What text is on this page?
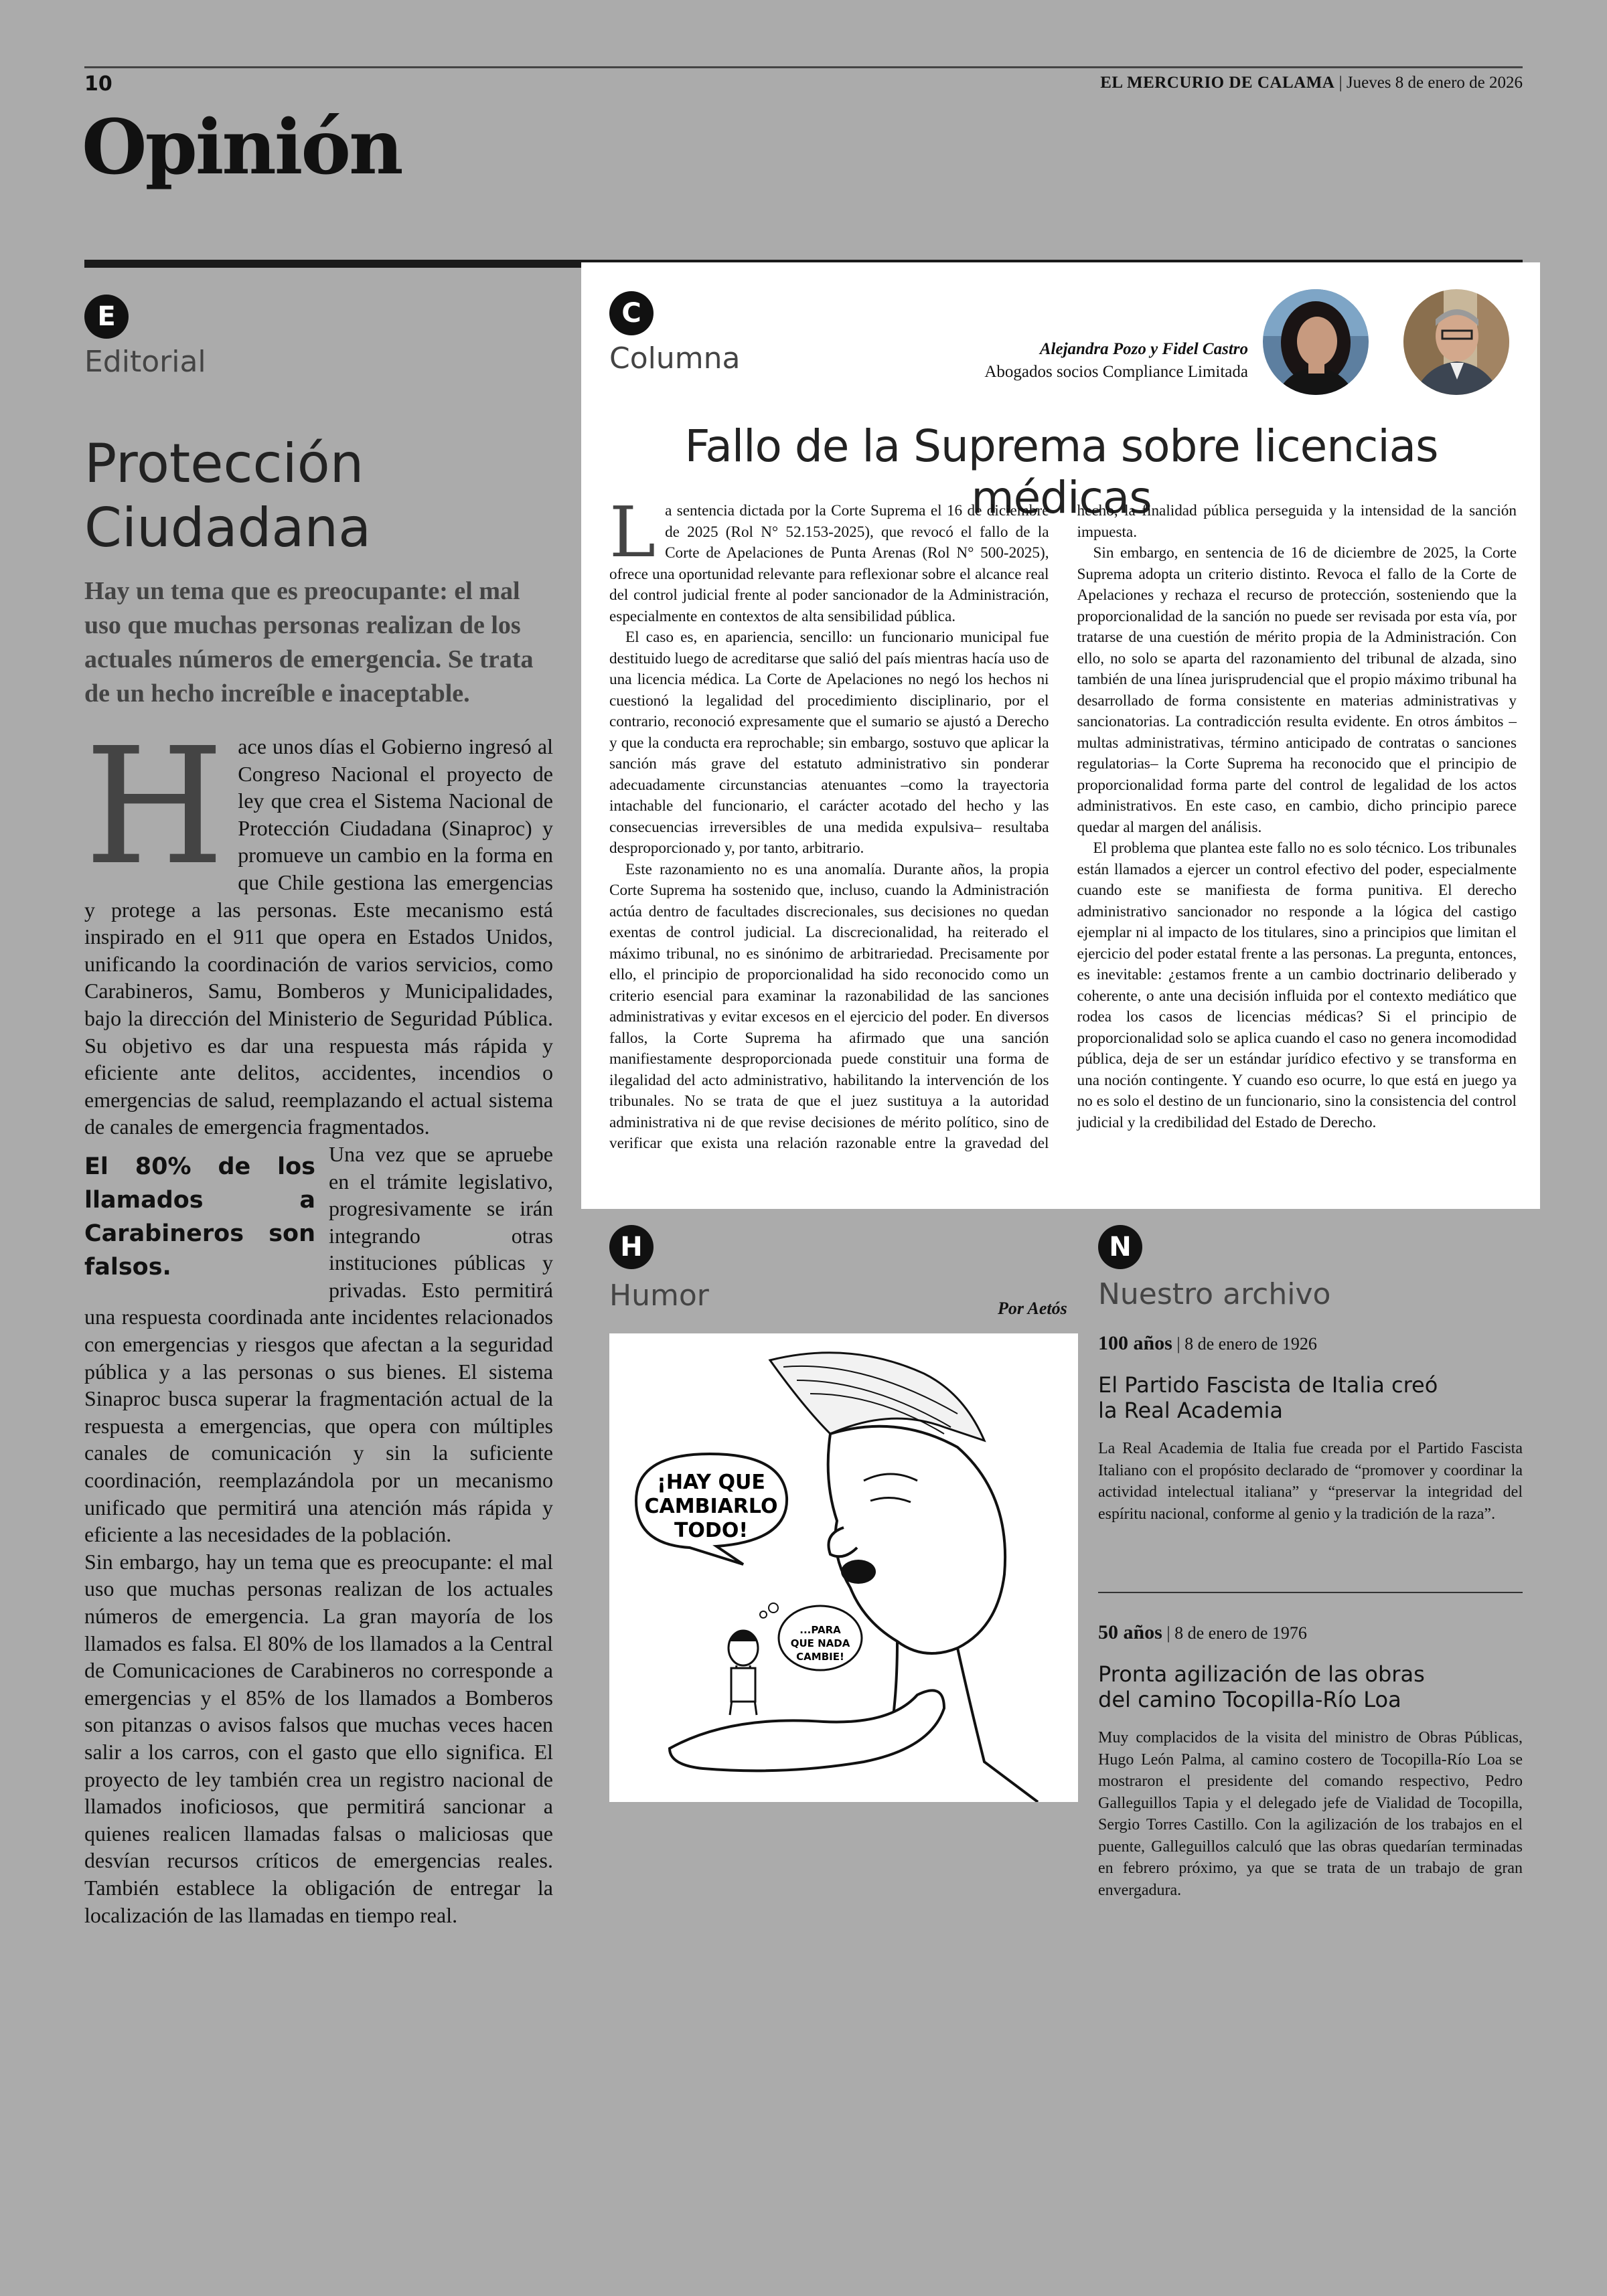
10	EL MERCURIO DE CALAMA | Jueves 8 de enero de 2026
Opinión
E
Editorial
Protección Ciudadana
Hay un tema que es preocupante: el mal uso que muchas personas realizan de los actuales números de emergencia. Se trata de un hecho increíble e inaceptable.

Hace unos días el Gobierno ingresó al Congreso Nacional el proyecto de ley que crea el Sistema Nacional de Protección Ciudadana (Sinaproc) y promueve un cambio en la forma en que Chile gestiona las emergencias y protege a las personas. Este mecanismo está inspirado en el 911 que opera en Estados Unidos, unificando la coordinación de varios servicios, como Carabineros, Samu, Bomberos y Municipalidades, bajo la dirección del Ministerio de Seguridad Pública. Su objetivo es dar una respuesta más rápida y eficiente ante delitos, accidentes, incendios o emergencias de salud, reemplazando el actual sistema de canales de emergencia fragmentados.

El 80% de los llamados a Carabineros son falsos.
Una vez que se apruebe en el trámite legislativo, progresivamente se irán integrando otras instituciones públicas y privadas. Esto permitirá una respuesta coordinada ante incidentes relacionados con emergencias y riesgos que afectan a la seguridad pública y a las personas o sus bienes. El sistema Sinaproc busca superar la fragmentación actual de la respuesta a emergencias, que opera con múltiples canales de comunicación y sin la suficiente coordinación, reemplazándola por un mecanismo unificado que permitirá una atención más rápida y eficiente a las necesidades de la población.

Sin embargo, hay un tema que es preocupante: el mal uso que muchas personas realizan de los actuales números de emergencia. La gran mayoría de los llamados es falsa. El 80% de los llamados a la Central de Comunicaciones de Carabineros no corresponde a emergencias y el 85% de los llamados a Bomberos son pitanzas o avisos falsos que muchas veces hacen salir a los carros, con el gasto que ello significa. El proyecto de ley también crea un registro nacional de llamados inoficiosos, que permitirá sancionar a quienes realicen llamadas falsas o maliciosas que desvían recursos críticos de emergencias reales. También establece la obligación de entregar la localización de las llamadas en tiempo real.

C
Columna	Alejandra Pozo y Fidel Castro
Abogados socios Compliance Limitada
Fallo de la Suprema sobre licencias médicas

La sentencia dictada por la Corte Suprema el 16 de diciembre de 2025 (Rol N° 52.153-2025), que revocó el fallo de la Corte de Apelaciones de Punta Arenas (Rol N° 500-2025), ofrece una oportunidad relevante para reflexionar sobre el alcance real del control judicial frente al poder sancionador de la Administración, especialmente en contextos de alta sensibilidad pública.

El caso es, en apariencia, sencillo: un funcionario municipal fue destituido luego de acreditarse que salió del país mientras hacía uso de una licencia médica. La Corte de Apelaciones no negó los hechos ni cuestionó la legalidad del procedimiento disciplinario, por el contrario, reconoció expresamente que el sumario se ajustó a Derecho y que la conducta era reprochable; sin embargo, sostuvo que aplicar la sanción más grave del estatuto administrativo sin ponderar adecuadamente circunstancias atenuantes –como la trayectoria intachable del funcionario, el carácter acotado del hecho y las consecuencias irreversibles de una medida expulsiva– resultaba desproporcionado y, por tanto, arbitrario.

Este razonamiento no es una anomalía. Durante años, la propia Corte Suprema ha sostenido que, incluso, cuando la Administración actúa dentro de facultades discrecionales, sus decisiones no quedan exentas de control judicial. La discrecionalidad, ha reiterado el máximo tribunal, no es sinónimo de arbitrariedad. Precisamente por ello, el principio de proporcionalidad ha sido reconocido como un criterio esencial para examinar la razonabilidad de las sanciones administrativas y evitar excesos en el ejercicio del poder. En diversos fallos, la Corte Suprema ha afirmado que una sanción manifiestamente desproporcionada puede constituir una forma de ilegalidad del acto administrativo, habilitando la intervención de los tribunales. No se trata de que el juez sustituya a la autoridad administrativa ni de que revise decisiones de mérito político, sino de verificar que exista una relación razonable entre la gravedad del hecho, la finalidad pública perseguida y la intensidad de la sanción impuesta.

Sin embargo, en sentencia de 16 de diciembre de 2025, la Corte Suprema adopta un criterio distinto. Revoca el fallo de la Corte de Apelaciones y rechaza el recurso de protección, sosteniendo que la proporcionalidad de la sanción no puede ser revisada por esta vía, por tratarse de una cuestión de mérito propia de la Administración. Con ello, no solo se aparta del razonamiento del tribunal de alzada, sino también de una línea jurisprudencial que el propio máximo tribunal ha desarrollado de forma consistente en materias administrativas y sancionatorias. La contradicción resulta evidente. En otros ámbitos –multas administrativas, término anticipado de contratas o sanciones regulatorias– la Corte Suprema ha reconocido que el principio de proporcionalidad forma parte del control de legalidad de los actos administrativos. En este caso, en cambio, dicho principio parece quedar al margen del análisis.

El problema que plantea este fallo no es solo técnico. Los tribunales están llamados a ejercer un control efectivo del poder, especialmente cuando este se manifiesta de forma punitiva. El derecho administrativo sancionador no responde a la lógica del castigo ejemplar ni al impacto de los titulares, sino a principios que limitan el ejercicio del poder estatal frente a las personas. La pregunta, entonces, es inevitable: ¿estamos frente a un cambio doctrinario deliberado y coherente, o ante una decisión influida por el contexto mediático que rodea los casos de licencias médicas? Si el principio de proporcionalidad solo se aplica cuando el caso no genera incomodidad pública, deja de ser un estándar jurídico efectivo y se transforma en una noción contingente. Y cuando eso ocurre, lo que está en juego ya no es solo el destino de un funcionario, sino la consistencia del control judicial y la credibilidad del Estado de Derecho.

H
Humor	Por Aetós
¡HAY QUE
CAMBIARLO
TODO!
...PARA
QUE NADA
CAMBIE!
N
Nuestro archivo
100 años | 8 de enero de 1926
El Partido Fascista de Italia creó la Real Academia
La Real Academia de Italia fue creada por el Partido Fascista Italiano con el propósito declarado de “promover y coordinar la actividad intelectual italiana” y “preservar la integridad del espíritu nacional, conforme al genio y la tradición de la raza”.
50 años | 8 de enero de 1976
Pronta agilización de las obras del camino Tocopilla-Río Loa
Muy complacidos de la visita del ministro de Obras Públicas, Hugo León Palma, al camino costero de Tocopilla-Río Loa se mostraron el presidente del comando respectivo, Pedro Galleguillos Tapia y el delegado jefe de Vialidad de Tocopilla, Sergio Torres Castillo. Con la agilización de los trabajos en el puente, Galleguillos calculó que las obras quedarían terminadas en febrero próximo, ya que se trata de un trabajo de gran envergadura.
